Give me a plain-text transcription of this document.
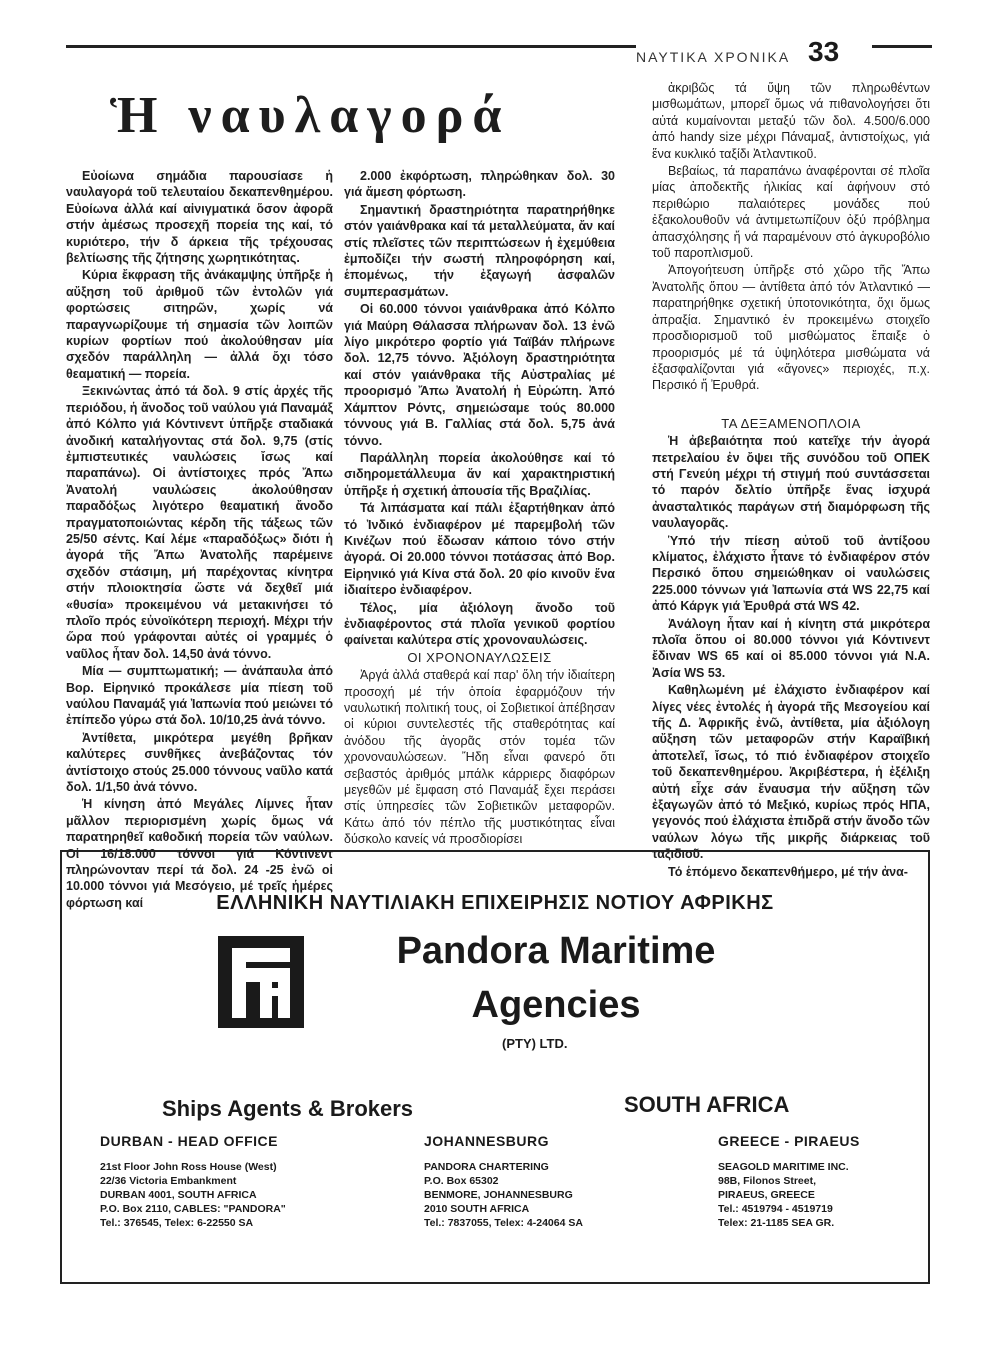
ΝΑΥΤΙΚΑ ΧΡΟΝΙΚΑ 33
Ἡ ναυλαγορά

Εὐοίωνα σημάδια παρουσίασε ἡ ναυλαγορά τοῦ τελευταίου δεκαπενθημέρου. Εὐοίωνα ἀλλά καί αἰνιγματικά ὅσον ἀφορᾶ στήν ἀμέσως προσεχῆ πορεία της καί, τό κυριότερο, τήν δ άρκεια τῆς τρέχουσας βελτίωσης τῆς ζήτησης χωρητικότητας.

Κύρια ἔκφραση τῆς ἀνάκαμψης ὑπῆρξε ἡ αὔξηση τοῦ ἀριθμοῦ τῶν ἐντολῶν γιά φορτώσεις σιτηρῶν, χωρίς νά παραγνωρίζουμε τή σημασία τῶν λοιπῶν κυρίων φορτίων πού ἀκολούθησαν μία σχεδόν παράλληλη — ἀλλά ὄχι τόσο θεαματική — πορεία.

Ξεκινώντας ἀπό τά δολ. 9 στίς ἀρχές τῆς περιόδου, ἡ ἄνοδος τοῦ ναύλου γιά Παναμάξ ἀπό Κόλπο γιά Κόντινεντ ὑπῆρξε σταδιακά ἀνοδική καταλήγοντας στά δολ. 9,75 (στίς ἐμπιστευτικές ναυλώσεις ἴσως καί παραπάνω). Οἱ ἀντίστοιχες πρός Ἄπω Ἀνατολή ναυλώσεις ἀκολούθησαν παραδόξως λιγότερο θεαματική ἄνοδο πραγματοποιώντας κέρδη τῆς τάξεως τῶν 25/50 σέντς. Καί λέμε «παραδόξως» διότι ἡ ἀγορά τῆς Ἄπω Ἀνατολῆς παρέμεινε σχεδόν στάσιμη, μή παρέχοντας κίνητρα στήν πλοιοκτησία ὥστε νά δεχθεῖ μιά «θυσία» προκειμένου νά μετακινήσει τό πλοῖο πρός εὐνοϊκότερη περιοχή. Μέχρι τήν ὥρα πού γράφονται αὐτές οἱ γραμμές ὁ ναῦλος ἦταν δολ. 14,50 ἀνά τόννο.

Μία — συμπτωματική; — ἀνάπαυλα ἀπό Βορ. Εἰρηνικό προκάλεσε μία πίεση τοῦ ναύλου Παναμάξ γιά Ἰαπωνία πού μειώνει τό ἐπίπεδο γύρω στά δολ. 10/10,25 ἀνά τόννο.

Ἀντίθετα, μικρότερα μεγέθη βρῆκαν καλύτερες συνθῆκες ἀνεβάζοντας τόν ἀντίστοιχο στούς 25.000 τόννους ναῦλο κατά δολ. 1/1,50 ἀνά τόννο.

Ἡ κίνηση ἀπό Μεγάλες Λίμνες ἦταν μᾶλλον περιορισμένη χωρίς ὅμως νά παρατηρηθεῖ καθοδική πορεία τῶν ναύλων. Οἱ 16/18.000 τόννοι γιά Κόντινεντ πληρώνονταν περί τά δολ. 24 -25 ἐνῶ οἱ 10.000 τόννοι γιά Μεσόγειο, μέ τρεῖς ἡμέρες φόρτωση καί

2.000 ἐκφόρτωση, πληρώθηκαν δολ. 30 γιά ἄμεση φόρτωση.

Σημαντική δραστηριότητα παρατηρήθηκε στόν γαιάνθρακα καί τά μεταλλεύματα, ἄν καί στίς πλεῖστες τῶν περιπτώσεων ἡ ἐχεμύθεια ἐμποδίζει τήν σωστή πληροφόρηση καί, ἑπομένως, τήν ἐξαγωγή ἀσφαλῶν συμπερασμάτων.

Οἱ 60.000 τόννοι γαιάνθρακα ἀπό Κόλπο γιά Μαύρη Θάλασσα πλήρωναν δολ. 13 ἐνῶ λίγο μικρότερο φορτίο γιά Ταϊβάν πλήρωνε δολ. 12,75 τόννο. Ἀξιόλογη δραστηριότητα καί στόν γαιάνθρακα τῆς Αὐστραλίας μέ προορισμό Ἄπω Ἀνατολή ἡ Εὐρώπη. Ἀπό Χάμπτον Ρόντς, σημειώσαμε τούς 80.000 τόννους γιά Β. Γαλλίας στά δολ. 5,75 ἀνά τόννο.

Παράλληλη πορεία ἀκολούθησε καί τό σιδηρομετάλλευμα ἄν καί χαρακτηριστική ὑπῆρξε ἡ σχετική ἀπουσία τῆς Βραζιλίας.

Τά λιπάσματα καί πάλι ἐξαρτήθηκαν ἀπό τό Ἰνδικό ἐνδιαφέρον μέ παρεμβολή τῶν Κινέζων πού ἔδωσαν κάποιο τόνο στήν ἀγορά. Οἱ 20.000 τόννοι ποτάσσας ἀπό Βορ. Εἰρηνικό γιά Κίνα στά δολ. 20 φίο κινοῦν ἕνα ἰδιαίτερο ἐνδιαφέρον.

Τέλος, μία ἀξιόλογη ἄνοδο τοῦ ἐνδιαφέροντος στά πλοῖα γενικοῦ φορτίου φαίνεται καλύτερα στίς χρονοναυλώσεις.

ΟΙ ΧΡΟΝΟΝΑΥΛΩΣΕΙΣ

Ἀργά ἀλλά σταθερά καί παρ' ὅλη τήν ἰδιαίτερη προσοχή μέ τήν ὁποία ἐφαρμόζουν τήν ναυλωτική πολιτική τους, οἱ Σοβιετικοί ἀπέβησαν οἱ κύριοι συντελεστές τῆς σταθερότητας καί ἀνόδου τῆς ἀγορᾶς στόν τομέα τῶν χρονοναυλώσεων. Ἤδη εἶναι φανερό ὅτι σεβαστός ἀριθμός μπάλκ κάρριερς διαφόρων μεγεθῶν μέ ἔμφαση στό Παναμάξ ἔχει περάσει στίς ὑπηρεσίες τῶν Σοβιετικῶν μεταφορῶν. Κάτω ἀπό τόν πέπλο τῆς μυστικότητας εἶναι δύσκολο κανείς νά προσδιορίσει

ἀκριβῶς τά ὕψη τῶν πληρωθέντων μισθωμάτων, μπορεῖ ὅμως νά πιθανολογήσει ὅτι αὐτά κυμαίνονται μεταξύ τῶν δολ. 4.500/6.000 ἀπό handy size μέχρι Πάναμαξ, ἀντιστοίχως, γιά ἕνα κυκλικό ταξίδι Ἀτλαντικοῦ.

Βεβαίως, τά παραπάνω ἀναφέρονται σέ πλοῖα μίας ἀποδεκτῆς ἡλικίας καί ἀφήνουν στό περιθώριο παλαιότερες μονάδες πού ἐξακολουθοῦν νά ἀντιμετωπίζουν ὀξύ πρόβλημα ἀπασχόλησης ἤ νά παραμένουν στό ἀγκυροβόλιο τοῦ παροπλισμοῦ.

Ἀπογοήτευση ὑπῆρξε στό χῶρο τῆς Ἄπω Ἀνατολῆς ὅπου — ἀντίθετα ἀπό τόν Ἀτλαντικό — παρατηρήθηκε σχετική ὑποτονικότητα, ὄχι ὅμως ἀπραξία. Σημαντικό ἐν προκειμένω στοιχεῖο προσδιορισμοῦ τοῦ μισθώματος ἔπαιξε ὁ προορισμός μέ τά ὑψηλότερα μισθώματα νά ἐξασφαλίζονται γιά «ἄγονες» περιοχές, π.χ. Περσικό ἤ Ἐρυθρά.

ΤΑ ΔΕΞΑΜΕΝΟΠΛΟΙΑ

Ἡ ἀβεβαιότητα πού κατεῖχε τήν ἀγορά πετρελαίου ἐν ὄψει τῆς συνόδου τοῦ ΟΠΕΚ στή Γενεύη μέχρι τή στιγμή πού συντάσσεται τό παρόν δελτίο ὑπῆρξε ἕνας ἰσχυρά ἀνασταλτικός παράγων στή διαμόρφωση τῆς ναυλαγορᾶς.

Ὑπό τήν πίεση αὐτοῦ τοῦ ἀντίξοου κλίματος, ἐλάχιστο ἦτανε τό ἐνδιαφέρον στόν Περσικό ὅπου σημειώθηκαν οἱ ναυλώσεις 225.000 τόννων γιά Ἰαπωνία στά WS 22,75 καί ἀπό Κάργκ γιά Ἐρυθρά στά WS 42.

Ἀνάλογη ἦταν καί ἡ κίνητη στά μικρότερα πλοῖα ὅπου οἱ 80.000 τόννοι γιά Κόντινεντ ἔδιναν WS 65 καί οἱ 85.000 τόννοι γιά Ν.Α. Ἀσία WS 53.

Καθηλωμένη μέ ἐλάχιστο ἐνδιαφέρον καί λίγες νέες ἐντολές ἡ ἀγορά τῆς Μεσογείου καί τῆς Δ. Ἀφρικῆς ἐνῶ, ἀντίθετα, μία ἀξιόλογη αὔξηση τῶν μεταφορῶν στήν Καραϊβική ἀποτελεῖ, ἴσως, τό πιό ἐνδιαφέρον στοιχεῖο τοῦ δεκαπενθημέρου. Ἀκριβέστερα, ἡ ἐξέλιξη αὐτή εἶχε σάν ἔναυσμα τήν αὔξηση τῶν ἐξαγωγῶν ἀπό τό Μεξικό, κυρίως πρός ΗΠΑ, γεγονός πού ἐλάχιστα ἐπιδρᾶ στήν ἄνοδο τῶν ναύλων λόγω τῆς μικρῆς διάρκειας τοῦ ταξιδιοῦ.

Τό ἑπόμενο δεκαπενθήμερο, μέ τήν ἀνα-

ΕΛΛΗΝΙΚΗ ΝΑΥΤΙΛΙΑΚΗ ΕΠΙΧΕΙΡΗΣΙΣ ΝΟΤΙΟΥ ΑΦΡΙΚΗΣ
Pandora Maritime
Agencies
(PTY) LTD.
Ships Agents & Brokers	SOUTH AFRICA
DURBAN - HEAD OFFICE
21st Floor John Ross House (West)
22/36 Victoria Embankment
DURBAN 4001, SOUTH AFRICA
P.O. Box 2110, CABLES: "PANDORA"
Tel.: 376545, Telex: 6-22550 SA
JOHANNESBURG
PANDORA CHARTERING
P.O. Box 65302
BENMORE, JOHANNESBURG
2010 SOUTH AFRICA
Tel.: 7837055, Telex: 4-24064 SA
GREECE - PIRAEUS
SEAGOLD MARITIME INC.
98B, Filonos Street,
PIRAEUS, GREECE
Tel.: 4519794 - 4519719
Telex: 21-1185 SEA GR.
